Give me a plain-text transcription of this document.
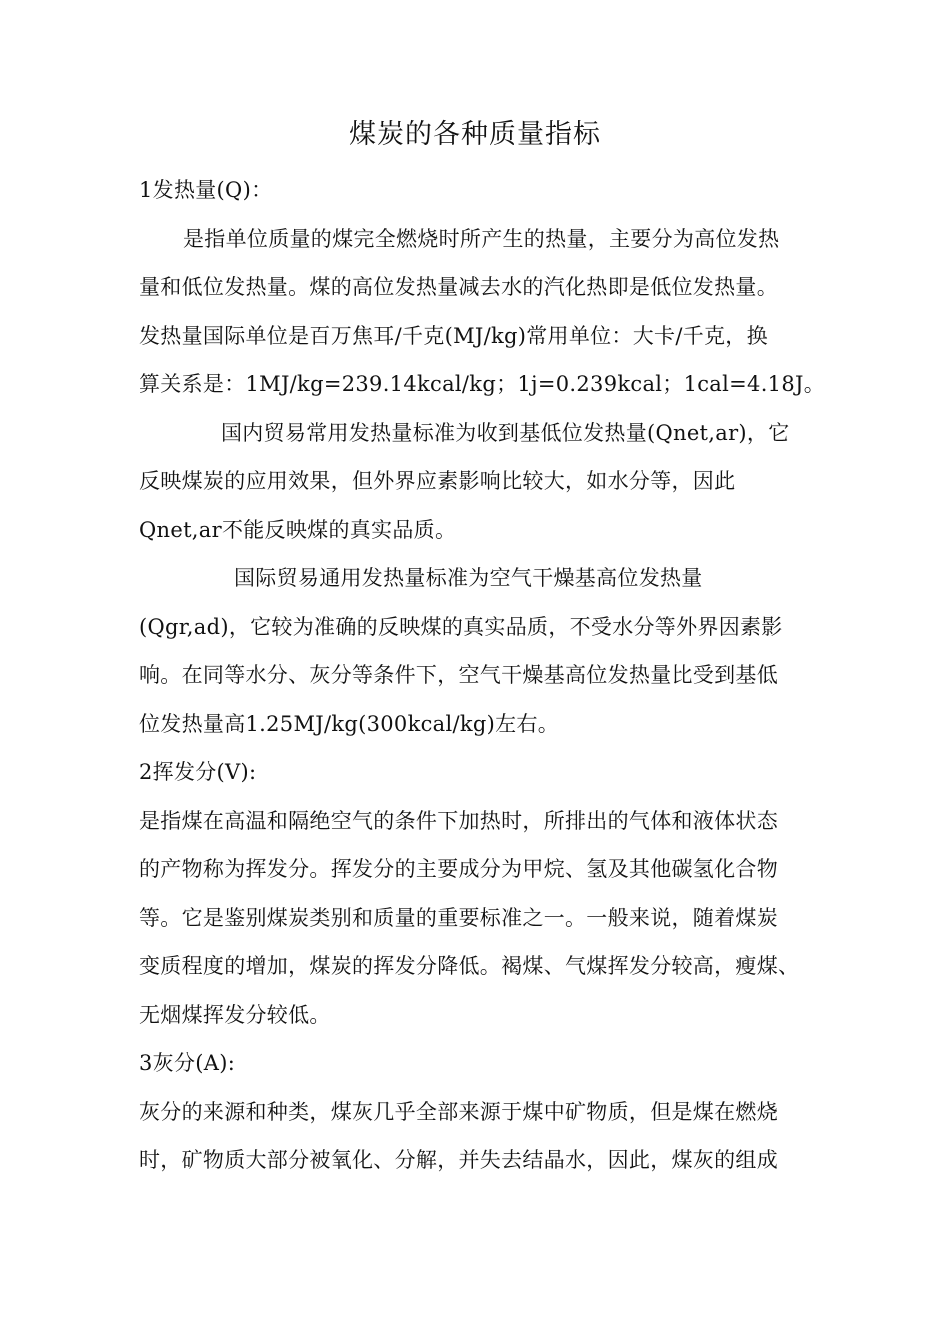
煤炭的各种质量指标
1发热量(Q)：
是指单位质量的煤完全燃烧时所产生的热量，主要分为高位发热
量和低位发热量。煤的高位发热量减去水的汽化热即是低位发热量。
发热量国际单位是百万焦耳/千克(MJ/kg)常用单位：大卡/千克，换
算关系是：1MJ/kg=239.14kcal/kg；1j=0.239kcal；1cal=4.18J。
国内贸易常用发热量标准为收到基低位发热量(Qnet,ar)，它
反映煤炭的应用效果，但外界应素影响比较大，如水分等，因此
Qnet,ar不能反映煤的真实品质。
国际贸易通用发热量标准为空气干燥基高位发热量
(Qgr,ad)，它较为准确的反映煤的真实品质，不受水分等外界因素影
响。在同等水分、灰分等条件下，空气干燥基高位发热量比受到基低
位发热量高1.25MJ/kg(300kcal/kg)左右。
2挥发分(V):
是指煤在高温和隔绝空气的条件下加热时，所排出的气体和液体状态
的产物称为挥发分。挥发分的主要成分为甲烷、氢及其他碳氢化合物
等。它是鉴别煤炭类别和质量的重要标准之一。一般来说，随着煤炭
变质程度的增加，煤炭的挥发分降低。褐煤、气煤挥发分较高，瘦煤、
无烟煤挥发分较低。
3灰分(A):
灰分的来源和种类，煤灰几乎全部来源于煤中矿物质，但是煤在燃烧
时，矿物质大部分被氧化、分解，并失去结晶水，因此，煤灰的组成
